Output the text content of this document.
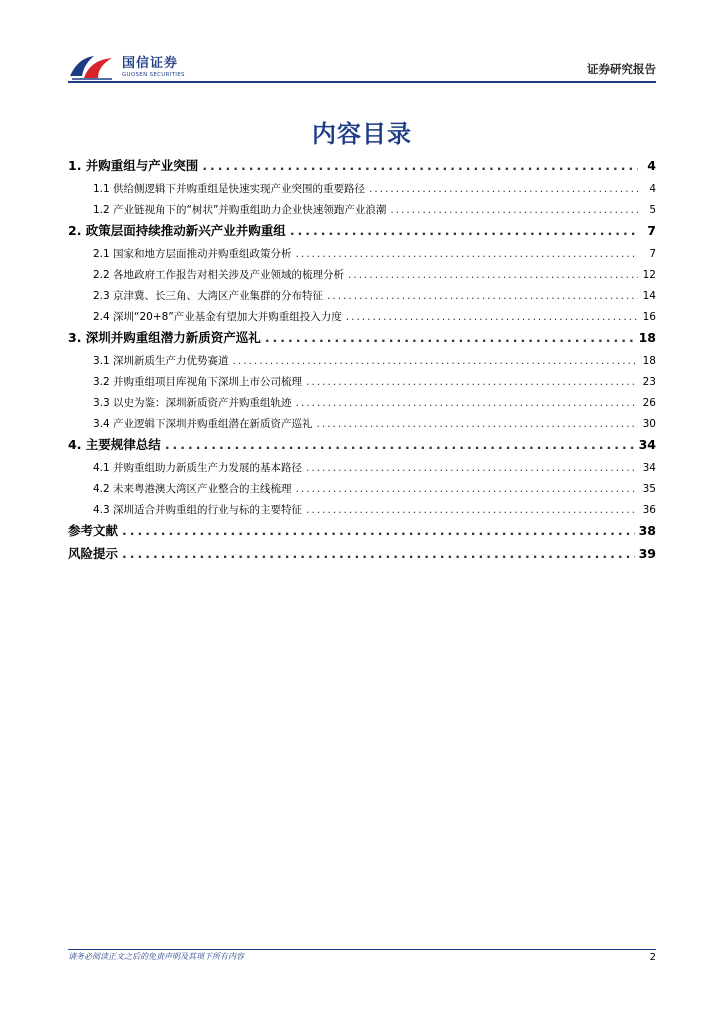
国信证券
GUOSEN SECURITIES	证券研究报告
内容目录
1. 并购重组与产业突围 .....	4
1.1 供给侧逻辑下并购重组是快速实现产业突围的重要路径 .....	4
1.2 产业链视角下的“树状”并购重组助力企业快速领跑产业浪潮 .....	5
2. 政策层面持续推动新兴产业并购重组 .....	7
2.1 国家和地方层面推动并购重组政策分析 .....	7
2.2 各地政府工作报告对相关涉及产业领域的梳理分析 .....	12
2.3 京津冀、长三角、大湾区产业集群的分布特征 .....	14
2.4 深圳“20+8”产业基金有望加大并购重组投入力度 .....	16
3. 深圳并购重组潜力新质资产巡礼 .....	18
3.1 深圳新质生产力优势赛道 .....	18
3.2 并购重组项目库视角下深圳上市公司梳理 .....	23
3.3 以史为鉴：深圳新质资产并购重组轨迹 .....	26
3.4 产业逻辑下深圳并购重组潜在新质资产巡礼 .....	30
4. 主要规律总结 .....	34
4.1 并购重组助力新质生产力发展的基本路径 .....	34
4.2 未来粤港澳大湾区产业整合的主线梳理 .....	35
4.3 深圳适合并购重组的行业与标的主要特征 .....	36
参考文献 .....	38
风险提示 .....	39
请务必阅读正文之后的免责声明及其项下所有内容	2
